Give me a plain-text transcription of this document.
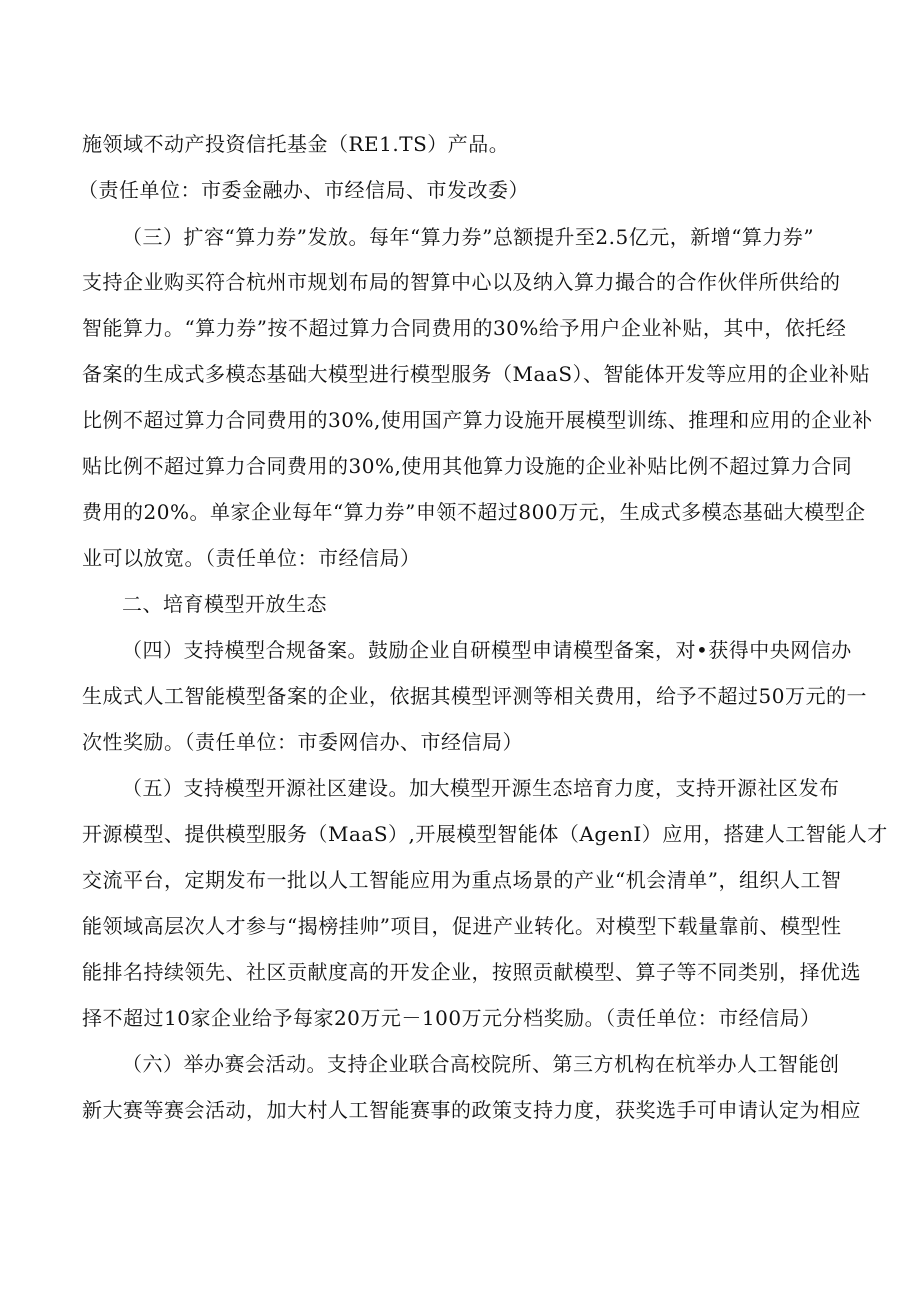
施领域不动产投资信托基金（RE1.TS）产品。
（责任单位：市委金融办、市经信局、市发改委）
（三）扩容“算力券”发放。每年“算力券”总额提升至2.5亿元，新增“算力券”
支持企业购买符合杭州市规划布局的智算中心以及纳入算力撮合的合作伙伴所供给的
智能算力。“算力券”按不超过算力合同费用的30%给予用户企业补贴，其中，依托经
备案的生成式多模态基础大模型进行模型服务（MaaS）、智能体开发等应用的企业补贴
比例不超过算力合同费用的30%,使用国产算力设施开展模型训练、推理和应用的企业补
贴比例不超过算力合同费用的30%,使用其他算力设施的企业补贴比例不超过算力合同
费用的20%。单家企业每年“算力券”申领不超过800万元，生成式多模态基础大模型企
业可以放宽。（责任单位：市经信局）
二、培育模型开放生态
（四）支持模型合规备案。鼓励企业自研模型申请模型备案，对•获得中央网信办
生成式人工智能模型备案的企业，依据其模型评测等相关费用，给予不超过50万元的一
次性奖励。（责任单位：市委网信办、市经信局）
（五）支持模型开源社区建设。加大模型开源生态培育力度，支持开源社区发布
开源模型、提供模型服务（MaaS）,开展模型智能体（AgenI）应用，搭建人工智能人才
交流平台，定期发布一批以人工智能应用为重点场景的产业“机会清单”，组织人工智
能领域高层次人才参与“揭榜挂帅”项目，促进产业转化。对模型下载量靠前、模型性
能排名持续领先、社区贡献度高的开发企业，按照贡献模型、算子等不同类别，择优选
择不超过10家企业给予每家20万元－100万元分档奖励。（责任单位：市经信局）
（六）举办赛会活动。支持企业联合高校院所、第三方机构在杭举办人工智能创
新大赛等赛会活动，加大村人工智能赛事的政策支持力度，获奖选手可申请认定为相应
